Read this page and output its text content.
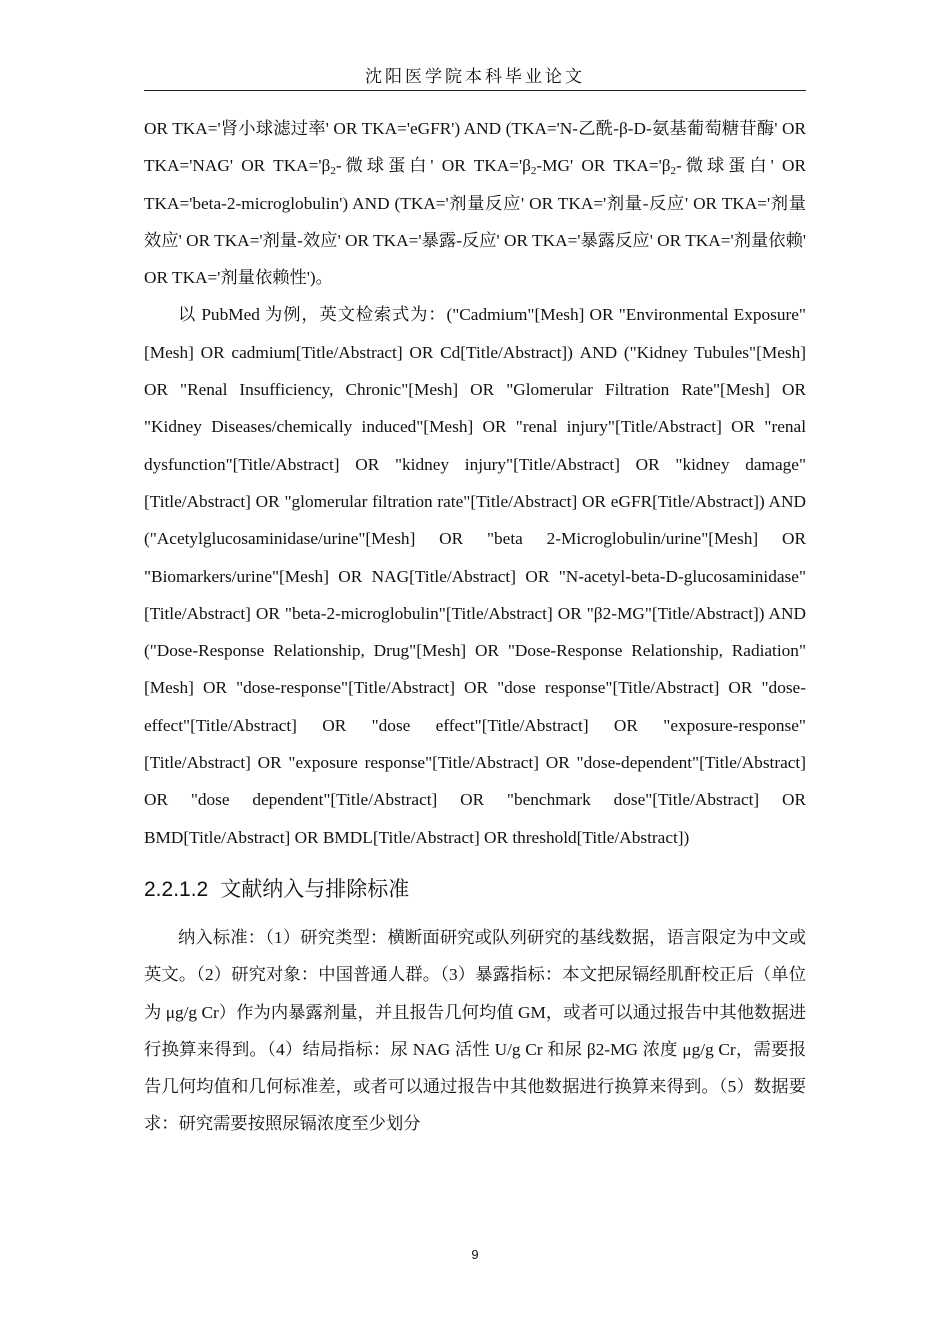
沈阳医学院本科毕业论文

OR TKA='肾小球滤过率' OR TKA='eGFR') AND (TKA='N-乙酰-β-D-氨基葡萄糖苷酶' OR TKA='NAG' OR $TKA='\beta_2-$微球蛋白' OR $TKA='\beta_2-MG'$ OR $TKA='\beta_2-$微球蛋白' OR TKA='beta-2-microglobulin') AND (TKA='剂量反应' OR TKA='剂量-反应' OR TKA='剂量效应' OR TKA='剂量-效应' OR TKA='暴露-反应' OR TKA='暴露反应' OR TKA='剂量依赖' OR TKA='剂量依赖性')。

以 PubMed 为例，英文检索式为：("Cadmium"[Mesh] OR "Environmental Exposure"[Mesh] OR cadmium[Title/Abstract] OR Cd[Title/Abstract]) AND ("Kidney Tubules"[Mesh] OR "Renal Insufficiency, Chronic"[Mesh] OR "Glomerular Filtration Rate"[Mesh] OR "Kidney Diseases/chemically induced"[Mesh] OR "renal injury"[Title/Abstract] OR "renal dysfunction"[Title/Abstract] OR "kidney injury"[Title/Abstract] OR "kidney damage"[Title/Abstract] OR "glomerular filtration rate"[Title/Abstract] OR eGFR[Title/Abstract]) AND ("Acetylglucosaminidase/urine"[Mesh] OR "beta 2-Microglobulin/urine"[Mesh] OR "Biomarkers/urine"[Mesh] OR NAG[Title/Abstract] OR "N-acetyl-beta-D-glucosaminidase"[Title/Abstract] OR "beta-2-microglobulin"[Title/Abstract] OR "β2-MG"[Title/Abstract]) AND ("Dose-Response Relationship, Drug"[Mesh] OR "Dose-Response Relationship, Radiation"[Mesh] OR "dose-response"[Title/Abstract] OR "dose response"[Title/Abstract] OR "dose-effect"[Title/Abstract] OR "dose effect"[Title/Abstract] OR "exposure-response"[Title/Abstract] OR "exposure response"[Title/Abstract] OR "dose-dependent"[Title/Abstract] OR "dose dependent"[Title/Abstract] OR "benchmark dose"[Title/Abstract] OR BMD[Title/Abstract] OR BMDL[Title/Abstract] OR threshold[Title/Abstract])

2.2.1.2 文献纳入与排除标准

纳入标准：（1）研究类型：横断面研究或队列研究的基线数据，语言限定为中文或英文。（2）研究对象：中国普通人群。（3）暴露指标：本文把尿镉经肌酐校正后（单位为 μg/g Cr）作为内暴露剂量，并且报告几何均值 GM，或者可以通过报告中其他数据进行换算来得到。（4）结局指标：尿 NAG 活性 U/g Cr 和尿 β2-MG 浓度 μg/g Cr，需要报告几何均值和几何标准差，或者可以通过报告中其他数据进行换算来得到。（5）数据要求：研究需要按照尿镉浓度至少划分

9
